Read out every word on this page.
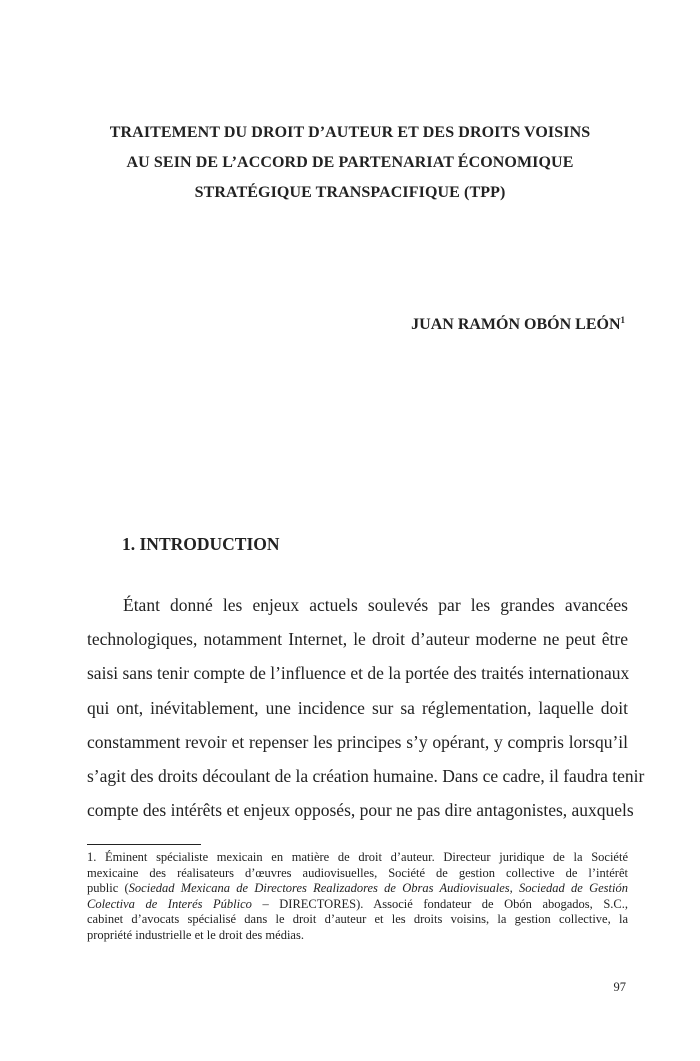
TRAITEMENT DU DROIT D’AUTEUR ET DES DROITS VOISINS
AU SEIN DE L’ACCORD DE PARTENARIAT ÉCONOMIQUE
STRATÉGIQUE TRANSPACIFIQUE (TPP)
JUAN RAMÓN OBÓN LEÓN$^1$
1. INTRODUCTION
Étant donné les enjeux actuels soulevés par les grandes avancées
technologiques, notamment Internet, le droit d’auteur moderne ne peut être
saisi sans tenir compte de l’influence et de la portée des traités internationaux
qui ont, inévitablement, une incidence sur sa réglementation, laquelle doit
constamment revoir et repenser les principes s’y opérant, y compris lorsqu’il
s’agit des droits découlant de la création humaine. Dans ce cadre, il faudra tenir
compte des intérêts et enjeux opposés, pour ne pas dire antagonistes, auxquels
1. Éminent spécialiste mexicain en matière de droit d’auteur. Directeur juridique de la Société
mexicaine des réalisateurs d’œuvres audiovisuelles, Société de gestion collective de l’intérêt
public (Sociedad Mexicana de Directores Realizadores de Obras Audiovisuales, Sociedad de Gestión
Colectiva de Interés Público – DIRECTORES). Associé fondateur de Obón abogados, S.C.,
cabinet d’avocats spécialisé dans le droit d’auteur et les droits voisins, la gestion collective, la
propriété industrielle et le droit des médias.
97
